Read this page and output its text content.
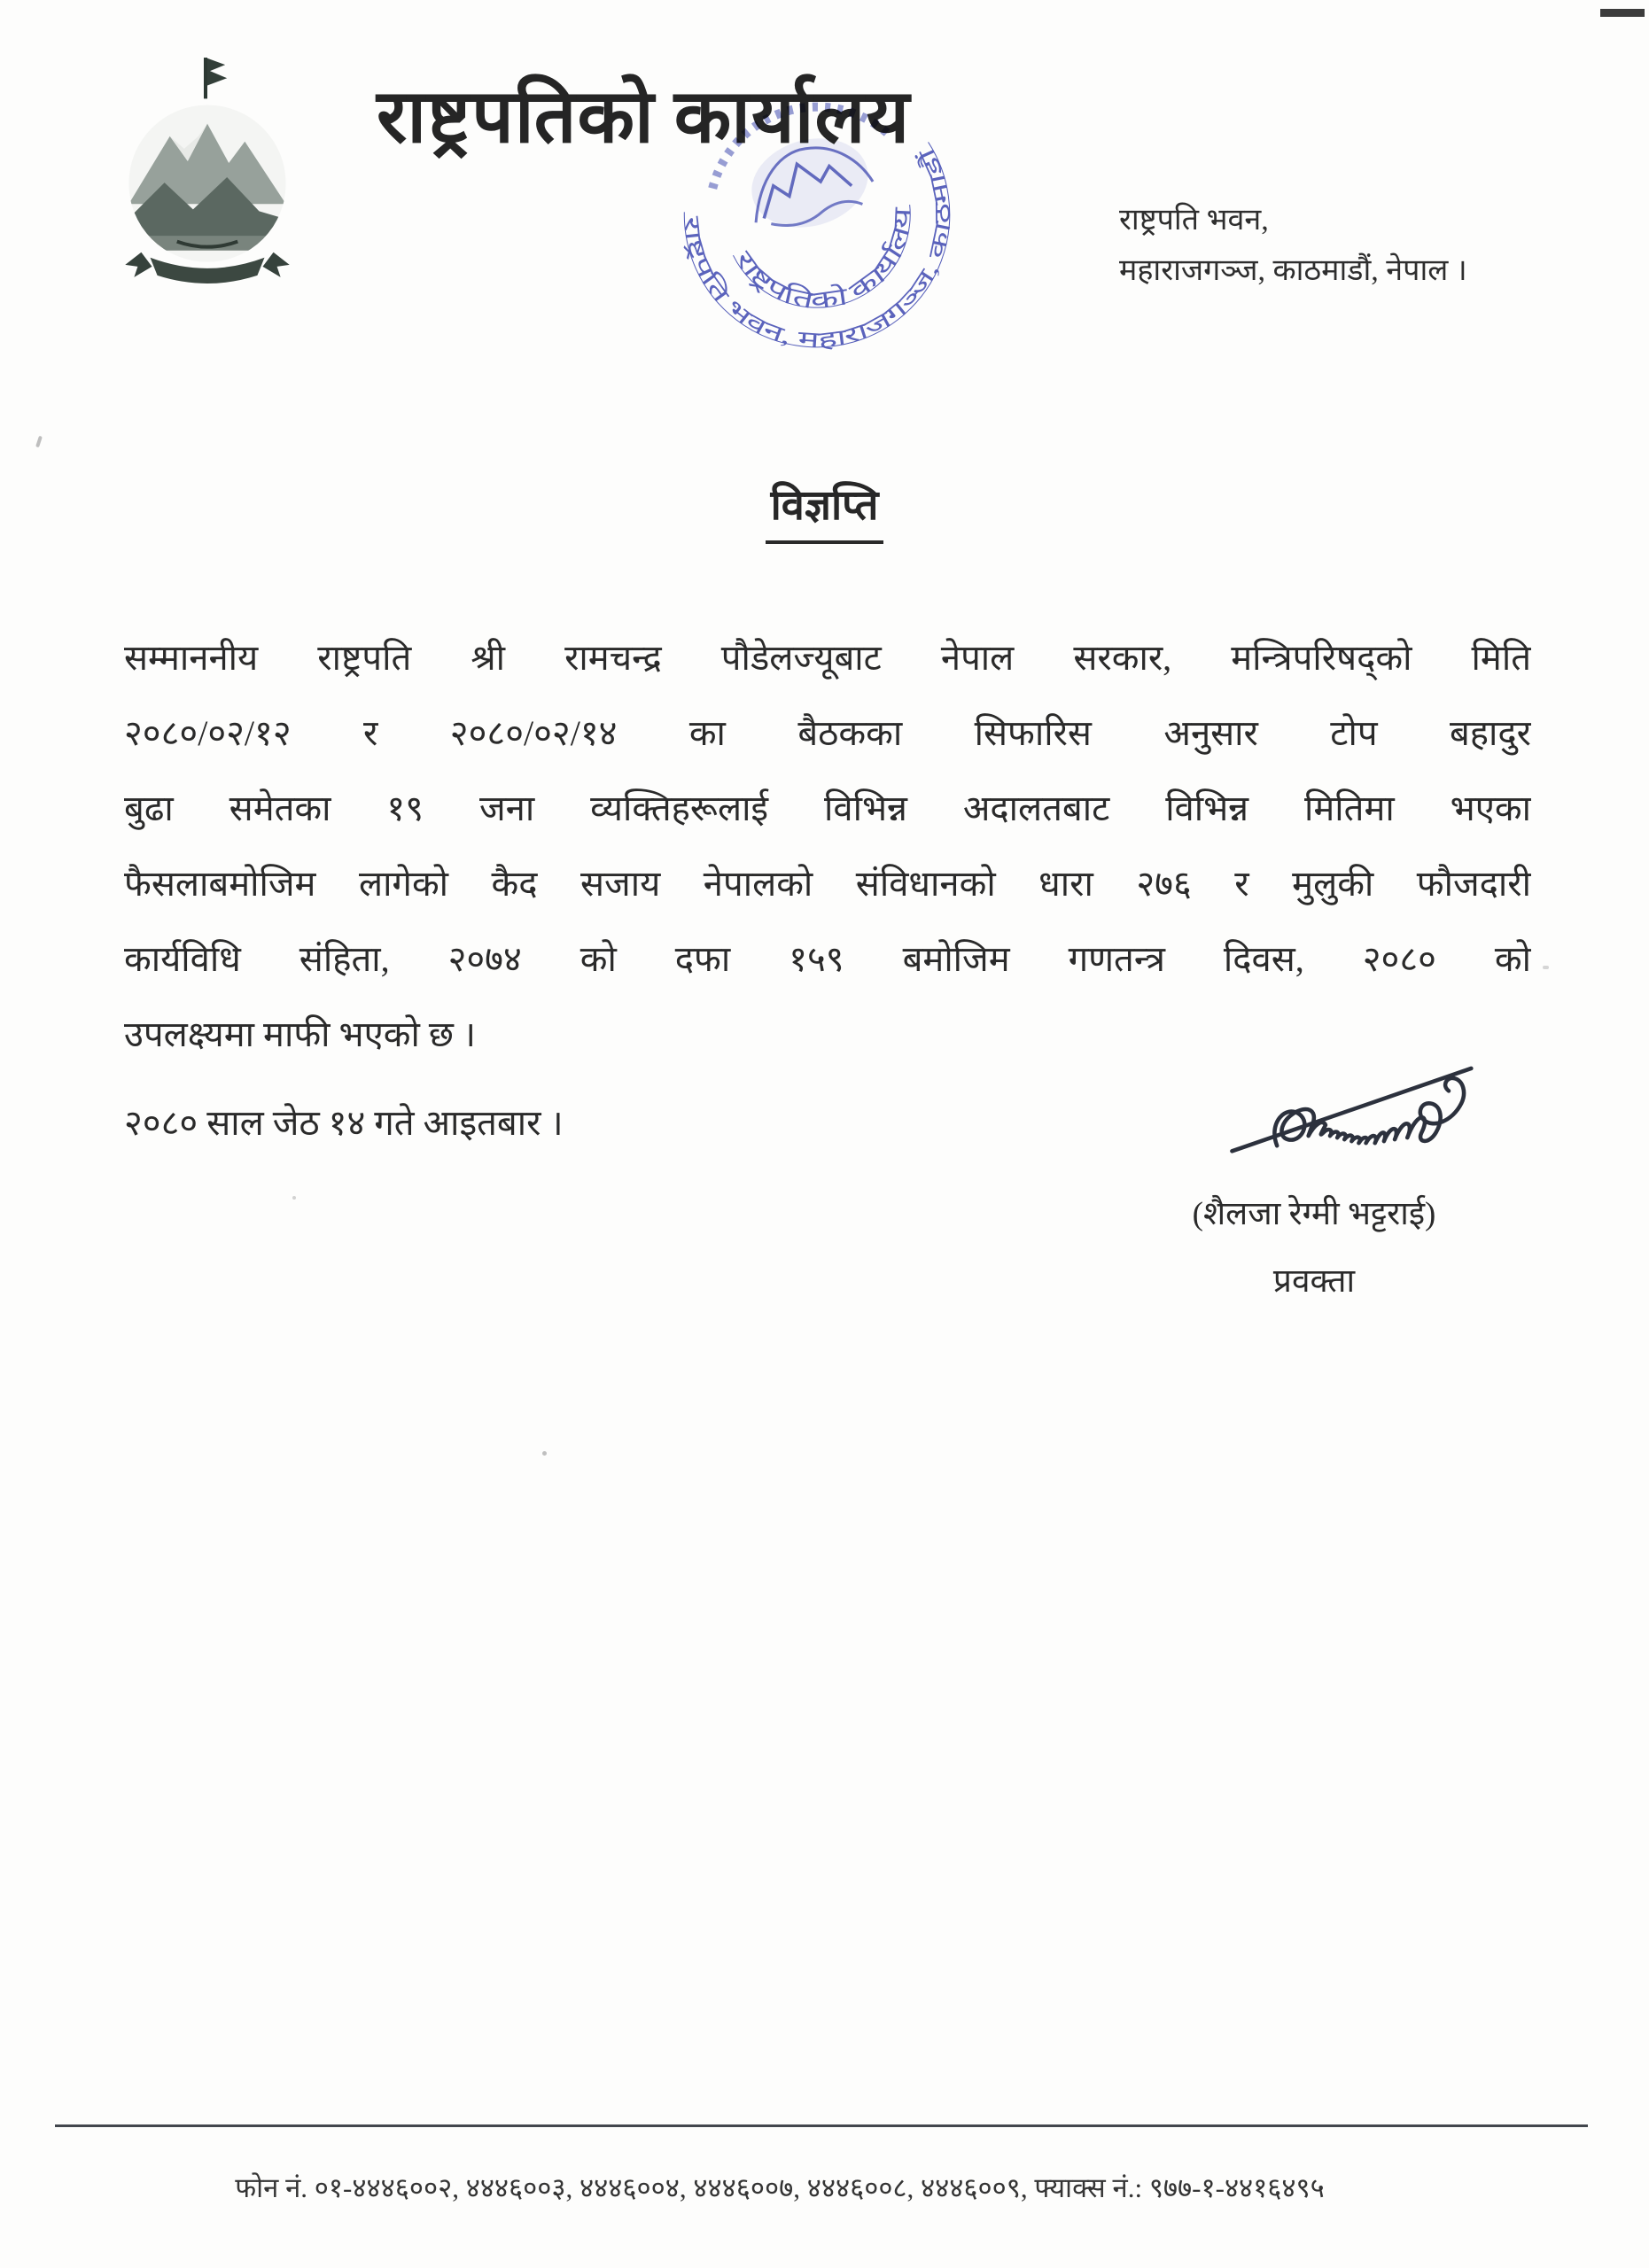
राष्ट्रपतिको कार्यालय
राष्ट्रपतिको कार्यालय
राष्ट्रपति भवन, महाराजगञ्ज, काठमाडौं
राष्ट्रपति भवन,
महाराजगञ्ज, काठमाडौं, नेपाल ।
विज्ञप्ति
सम्माननीय राष्ट्रपति श्री रामचन्द्र पौडेलज्यूबाट नेपाल सरकार, मन्त्रिपरिषद्को मिति
२०८०/०२/१२ र २०८०/०२/१४ का बैठकका सिफारिस अनुसार टोप बहादुर
बुढा समेतका १९ जना व्यक्तिहरूलाई विभिन्न अदालतबाट विभिन्न मितिमा भएका
फैसलाबमोजिम लागेको कैद सजाय नेपालको संविधानको धारा २७६ र मुलुकी फौजदारी
कार्यविधि संहिता, २०७४ को दफा १५९ बमोजिम गणतन्त्र दिवस, २०८० को
उपलक्ष्यमा माफी भएको छ ।
२०८० साल जेठ १४ गते आइतबार ।
(शैलजा रेग्मी भट्टराई)
प्रवक्ता
फोन नं. ०१-४४४६००२, ४४४६००३, ४४४६००४, ४४४६००७, ४४४६००८, ४४४६००९, फ्याक्स नं.: ९७७-१-४४१६४९५
